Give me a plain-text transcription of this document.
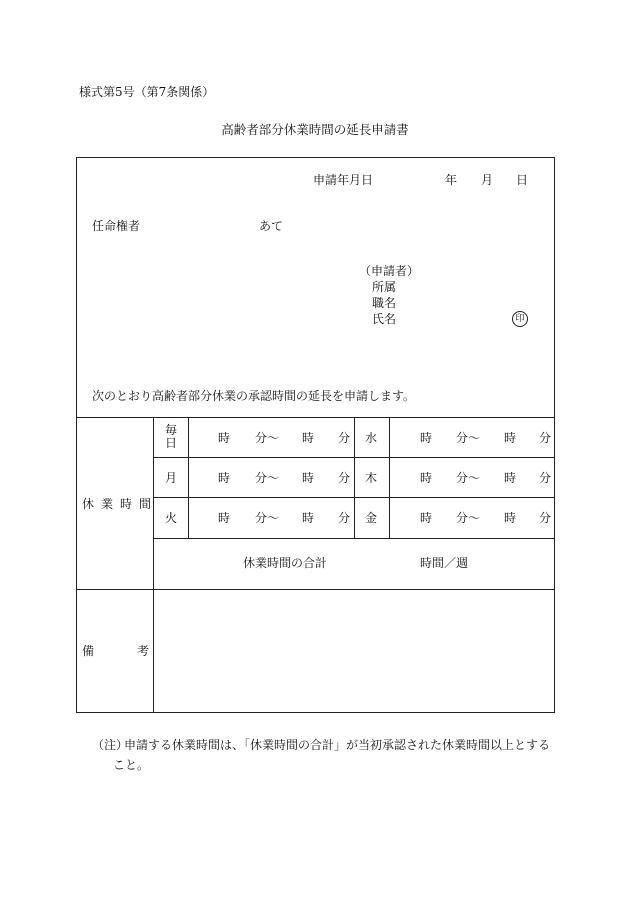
様式第5号（第7条関係）
高齢者部分休業時間の延長申請書
申請年月日	年 月 日
任命権者	あて
（申請者）
所属
職名
氏名	印
次のとおり高齢者部分休業の承認時間の延長を申請します。
休業時間
毎日	時 分〜 時 分 水	時 分〜 時 分
月	時 分〜 時 分 木	時 分〜 時 分
火	時 分〜 時 分 金	時 分〜 時 分
休業時間の合計	時間／週
備	考
（注）
申請する休業時間は、「休業時間の合計」が当初承認された休業時間以上とする
こと。
